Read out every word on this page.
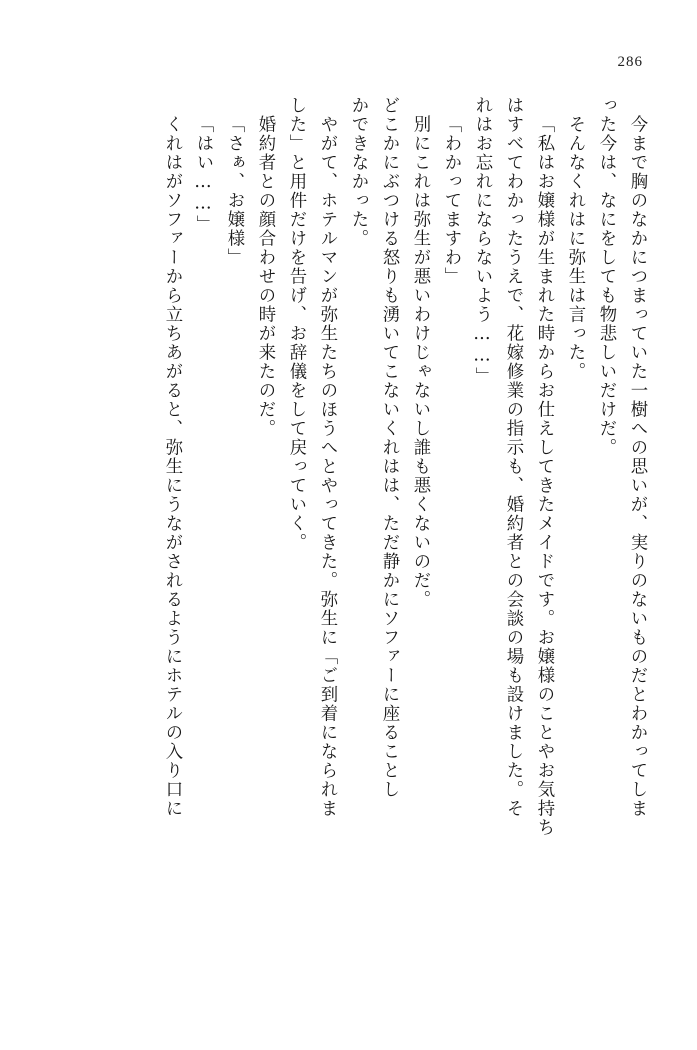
286
今まで胸のなかにつまっていた一樹への思いが、実りのないものだとわかってしま
った今は、なにをしても物悲しいだけだ。
そんなくれはに弥生は言った。
「私はお嬢様が生まれた時からお仕えしてきたメイドです。お嬢様のことやお気持ち
はすべてわかったうえで、花嫁修業の指示も、婚約者との会談の場も設けました。そ
れはお忘れにならないよう……」
「わかってますわ」
別にこれは弥生が悪いわけじゃないし誰も悪くないのだ。
どこかにぶつける怒りも湧いてこないくれはは、ただ静かにソファーに座ることし
かできなかった。
やがて、ホテルマンが弥生たちのほうへとやってきた。弥生に「ご到着になられま
した」と用件だけを告げ、お辞儀をして戻っていく。
婚約者との顔合わせの時が来たのだ。
「さぁ、お嬢様」
「はい……」
くれはがソファーから立ちあがると、弥生にうながされるようにホテルの入り口に
